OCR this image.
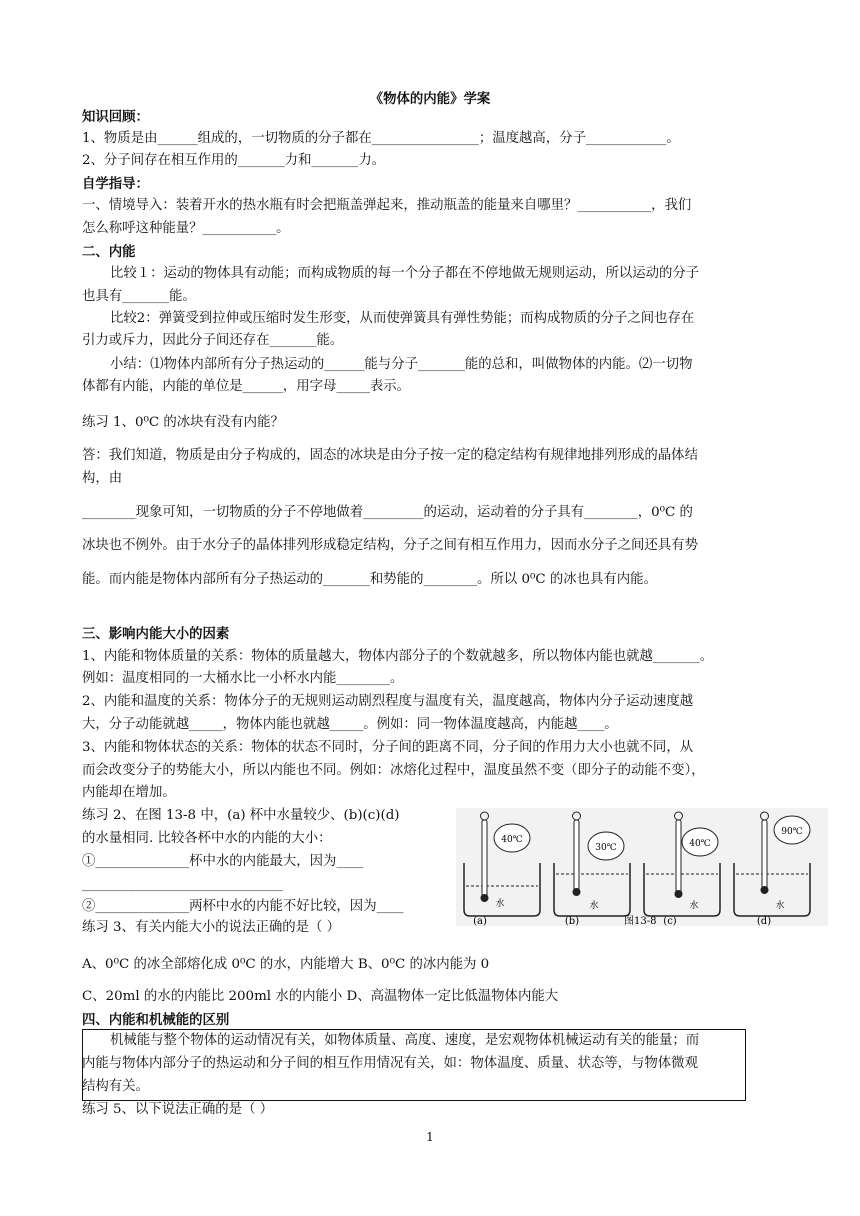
《物体的内能》学案
知识回顾：
1、物质是由______组成的，一切物质的分子都在________________；温度越高，分子____________。
2、分子间存在相互作用的_______力和_______力。
自学指导：
一、情境导入：装着开水的热水瓶有时会把瓶盖弹起来，推动瓶盖的能量来自哪里？___________，我们
怎么称呼这种能量？___________。
二、内能
比较１：运动的物体具有动能；而构成物质的每一个分子都在不停地做无规则运动，所以运动的分子
也具有_______能。
比较2：弹簧受到拉伸或压缩时发生形变，从而使弹簧具有弹性势能；而构成物质的分子之间也存在
引力或斥力，因此分子间还存在_______能。
小结：⑴物体内部所有分子热运动的______能与分子_______能的总和，叫做物体的内能。⑵一切物
体都有内能，内能的单位是______，用字母_____表示。
练习 1、0⁰C 的冰块有没有内能？
答：我们知道，物质是由分子构成的，固态的冰块是由分子按一定的稳定结构有规律地排列形成的晶体结
构，由
________现象可知，一切物质的分子不停地做着_________的运动，运动着的分子具有________，0⁰C 的
冰块也不例外。由于水分子的晶体排列形成稳定结构，分子之间有相互作用力，因而水分子之间还具有势
能。而内能是物体内部所有分子热运动的_______和势能的________。所以 0⁰C 的冰也具有内能。
三、影响内能大小的因素
1、内能和物体质量的关系：物体的质量越大，物体内部分子的个数就越多，所以物体内能也就越_______。
例如：温度相同的一大桶水比一小杯水内能________。
2、内能和温度的关系：物体分子的无规则运动剧烈程度与温度有关，温度越高，物体内分子运动速度越
大，分子动能就越_____，物体内能也就越_____。例如：同一物体温度越高，内能越____。
3、内能和物体状态的关系：物体的状态不同时，分子间的距离不同，分子间的作用力大小也就不同，从
而会改变分子的势能大小，所以内能也不同。例如：冰熔化过程中，温度虽然不变（即分子的动能不变），
内能却在增加。
练习 2、在图 13-8 中，(a) 杯中水量较少、(b)(c)(d)
的水量相同. 比较各杯中水的内能的大小：
①______________杯中水的内能最大，因为____
______________________________
②______________两杯中水的内能不好比较，因为____
练习 3、有关内能大小的说法正确的是（ ）
A、0⁰C 的冰全部熔化成 0⁰C 的水，内能增大 B、0⁰C 的冰内能为 0
C、20ml 的水的内能比 200ml 水的内能小 D、高温物体一定比低温物体内能大
四、内能和机械能的区别
机械能与整个物体的运动情况有关，如物体质量、高度、速度，是宏观物体机械运动有关的能量；而
内能与物体内部分子的热运动和分子间的相互作用情况有关，如：物体温度、质量、状态等，与物体微观
结构有关。
练习 5、以下说法正确的是（ ）
40℃
水
(a)
30℃
水
(b)
40℃
水
(c)
90℃
水
(d)
图13-8
1
